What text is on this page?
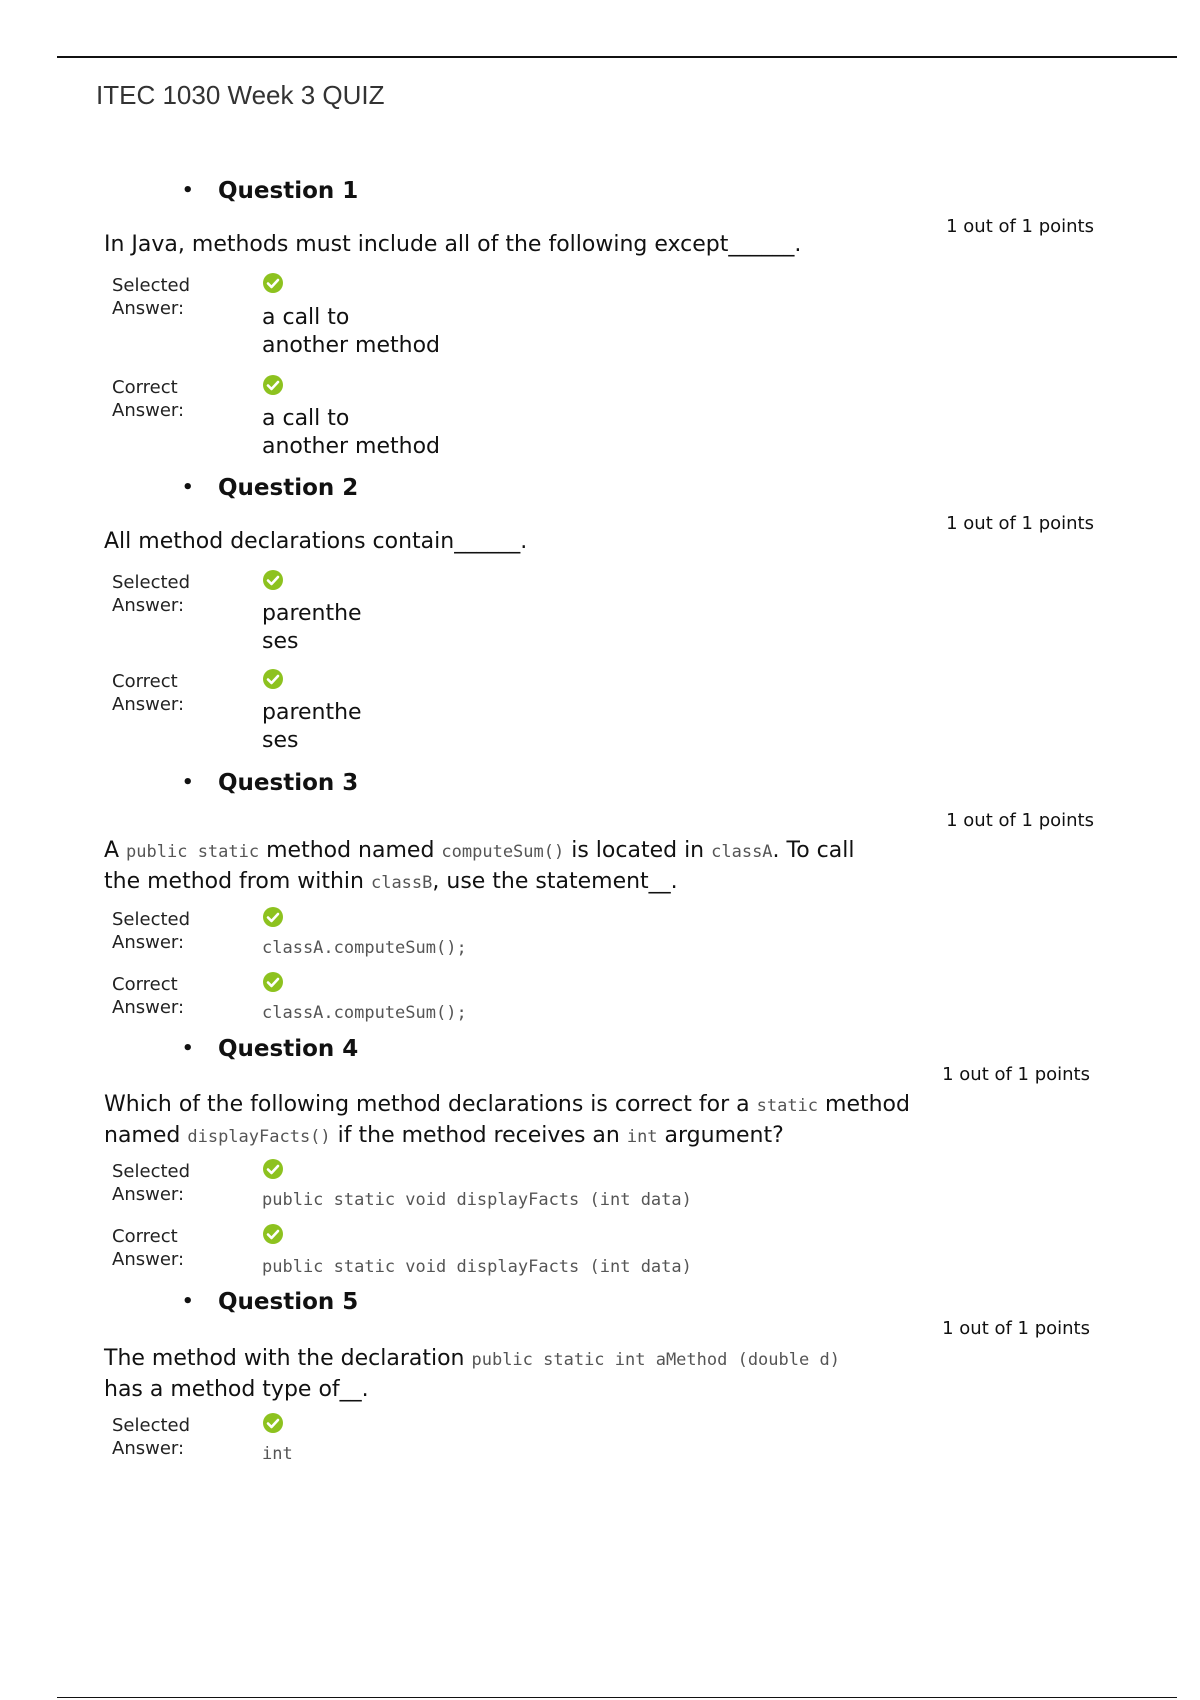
ITEC 1030 Week 3 QUIZ
• Question 1
1 out of 1 points
In Java, methods must include all of the following except______.
Selected
Answer:	a call to
another method
Correct
Answer:	a call to
another method
• Question 2
1 out of 1 points
All method declarations contain______.
Selected
Answer:	parenthe
ses
Correct
Answer:	parenthe
ses
• Question 3
1 out of 1 points
A public static method named computeSum() is located in classA. To call
the method from within classB, use the statement__.
Selected
Answer:	classA.computeSum();
Correct
Answer:	classA.computeSum();
• Question 4
1 out of 1 points
Which of the following method declarations is correct for a static method
named displayFacts() if the method receives an int argument?
Selected
Answer:	public static void displayFacts (int data)
Correct
Answer:	public static void displayFacts (int data)
• Question 5
1 out of 1 points
The method with the declaration public static int aMethod (double d)
has a method type of__.
Selected
Answer:	int
